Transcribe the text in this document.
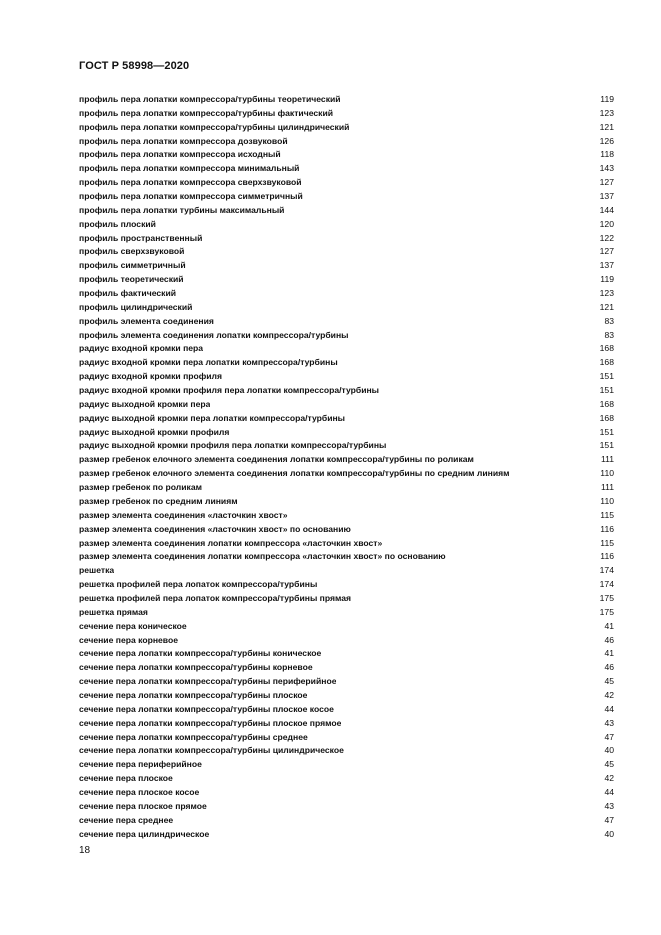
ГОСТ Р 58998—2020
профиль пера лопатки компрессора/турбины теоретический	119
профиль пера лопатки компрессора/турбины фактический	123
профиль пера лопатки компрессора/турбины цилиндрический	121
профиль пера лопатки компрессора дозвуковой	126
профиль пера лопатки компрессора исходный	118
профиль пера лопатки компрессора минимальный	143
профиль пера лопатки компрессора сверхзвуковой	127
профиль пера лопатки компрессора симметричный	137
профиль пера лопатки турбины максимальный	144
профиль плоский	120
профиль пространственный	122
профиль сверхзвуковой	127
профиль симметричный	137
профиль теоретический	119
профиль фактический	123
профиль цилиндрический	121
профиль элемента соединения	83
профиль элемента соединения лопатки компрессора/турбины	83
радиус входной кромки пера	168
радиус входной кромки пера лопатки компрессора/турбины	168
радиус входной кромки профиля	151
радиус входной кромки профиля пера лопатки компрессора/турбины	151
радиус выходной кромки пера	168
радиус выходной кромки пера лопатки компрессора/турбины	168
радиус выходной кромки профиля	151
радиус выходной кромки профиля пера лопатки компрессора/турбины	151
размер гребенок елочного элемента соединения лопатки компрессора/турбины по роликам	111
размер гребенок елочного элемента соединения лопатки компрессора/турбины по средним линиям	110
размер гребенок по роликам	111
размер гребенок по средним линиям	110
размер элемента соединения «ласточкин хвост»	115
размер элемента соединения «ласточкин хвост» по основанию	116
размер элемента соединения лопатки компрессора «ласточкин хвост»	115
размер элемента соединения лопатки компрессора «ласточкин хвост» по основанию	116
решетка	174
решетка профилей пера лопаток компрессора/турбины	174
решетка профилей пера лопаток компрессора/турбины прямая	175
решетка прямая	175
сечение пера коническое	41
сечение пера корневое	46
сечение пера лопатки компрессора/турбины коническое	41
сечение пера лопатки компрессора/турбины корневое	46
сечение пера лопатки компрессора/турбины периферийное	45
сечение пера лопатки компрессора/турбины плоское	42
сечение пера лопатки компрессора/турбины плоское косое	44
сечение пера лопатки компрессора/турбины плоское прямое	43
сечение пера лопатки компрессора/турбины среднее	47
сечение пера лопатки компрессора/турбины цилиндрическое	40
сечение пера периферийное	45
сечение пера плоское	42
сечение пера плоское косое	44
сечение пера плоское прямое	43
сечение пера среднее	47
сечение пера цилиндрическое	40
18
